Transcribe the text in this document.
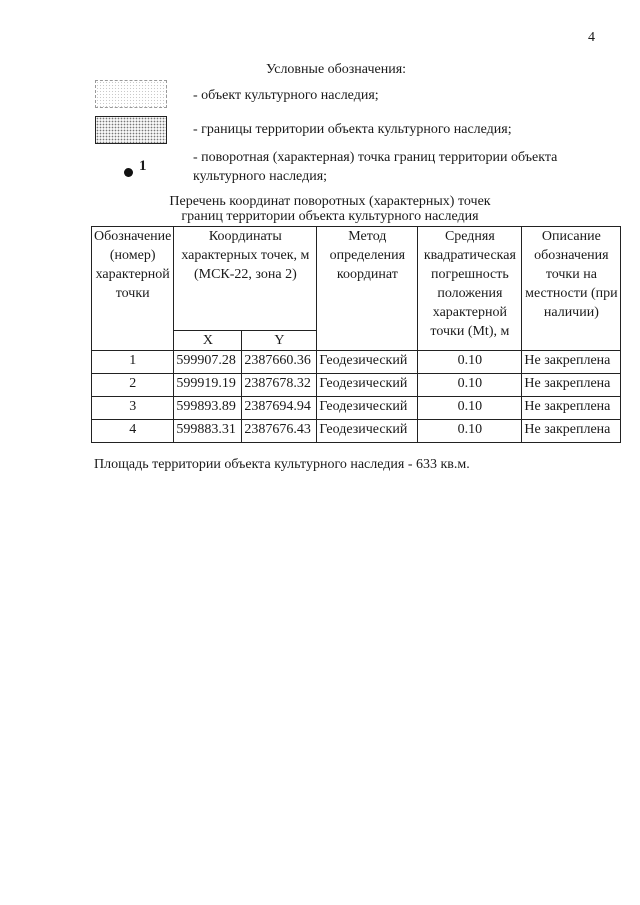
4
Условные обозначения:
- объект культурного наследия;
- границы территории объекта культурного наследия;
1
- поворотная (характерная) точка границ территории объекта культурного наследия;
Перечень координат поворотных (характерных) точек
границ территории объекта культурного наследия
Обозначение (номер) характерной точки	Координаты характерных точек, м (МСК-22, зона 2)		Метод определения координат	Средняя квадратическая погрешность положения характерной точки (Mt), м	Описание обозначения точки на местности (при наличии)
	X	Y			
1	599907.28	2387660.36	Геодезический	0.10	Не закреплена
2	599919.19	2387678.32	Геодезический	0.10	Не закреплена
3	599893.89	2387694.94	Геодезический	0.10	Не закреплена
4	599883.31	2387676.43	Геодезический	0.10	Не закреплена
Площадь территории объекта культурного наследия - 633 кв.м.
